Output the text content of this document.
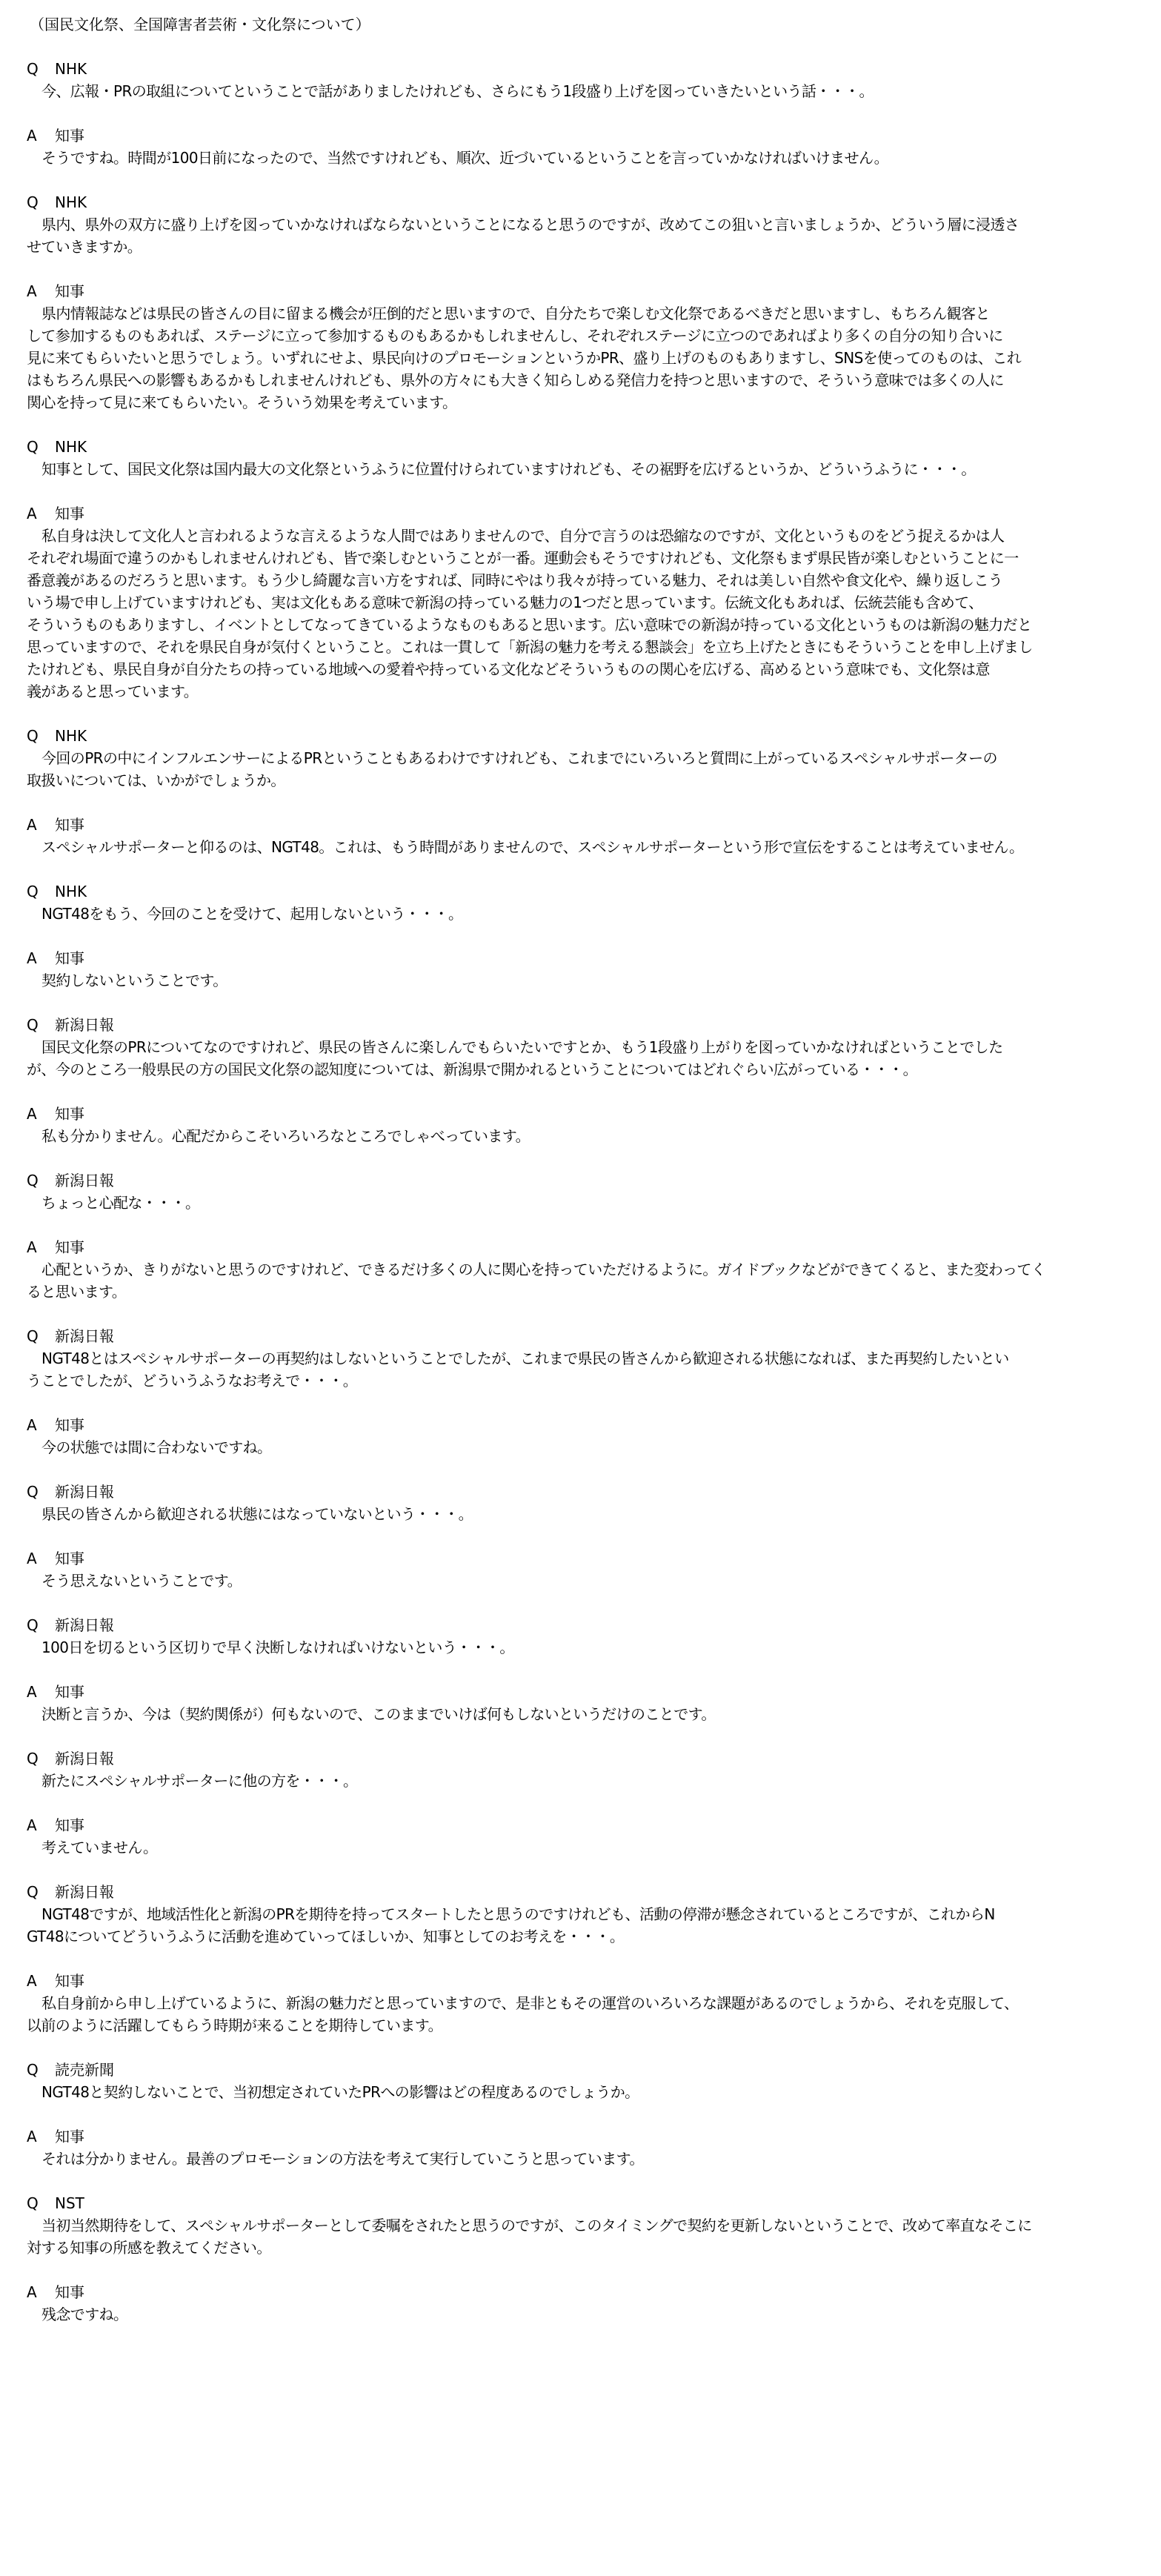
（国民文化祭、全国障害者芸術・文化祭について）
Q NHK
今、広報・PRの取組についてということで話がありましたけれども、さらにもう1段盛り上げを図っていきたいという話・・・。
A 知事
そうですね。時間が100日前になったので、当然ですけれども、順次、近づいているということを言っていかなければいけません。
Q NHK
県内、県外の双方に盛り上げを図っていかなければならないということになると思うのですが、改めてこの狙いと言いましょうか、どういう層に浸透さ
せていきますか。
A 知事
県内情報誌などは県民の皆さんの目に留まる機会が圧倒的だと思いますので、自分たちで楽しむ文化祭であるべきだと思いますし、もちろん観客と
して参加するものもあれば、ステージに立って参加するものもあるかもしれませんし、それぞれステージに立つのであればより多くの自分の知り合いに
見に来てもらいたいと思うでしょう。いずれにせよ、県民向けのプロモーションというかPR、盛り上げのものもありますし、SNSを使ってのものは、これ
はもちろん県民への影響もあるかもしれませんけれども、県外の方々にも大きく知らしめる発信力を持つと思いますので、そういう意味では多くの人に
関心を持って見に来てもらいたい。そういう効果を考えています。
Q NHK
知事として、国民文化祭は国内最大の文化祭というふうに位置付けられていますけれども、その裾野を広げるというか、どういうふうに・・・。
A 知事
私自身は決して文化人と言われるような言えるような人間ではありませんので、自分で言うのは恐縮なのですが、文化というものをどう捉えるかは人
それぞれ場面で違うのかもしれませんけれども、皆で楽しむということが一番。運動会もそうですけれども、文化祭もまず県民皆が楽しむということに一
番意義があるのだろうと思います。もう少し綺麗な言い方をすれば、同時にやはり我々が持っている魅力、それは美しい自然や食文化や、繰り返しこう
いう場で申し上げていますけれども、実は文化もある意味で新潟の持っている魅力の1つだと思っています。伝統文化もあれば、伝統芸能も含めて、
そういうものもありますし、イベントとしてなってきているようなものもあると思います。広い意味での新潟が持っている文化というものは新潟の魅力だと
思っていますので、それを県民自身が気付くということ。これは一貫して「新潟の魅力を考える懇談会」を立ち上げたときにもそういうことを申し上げまし
たけれども、県民自身が自分たちの持っている地域への愛着や持っている文化などそういうものの関心を広げる、高めるという意味でも、文化祭は意
義があると思っています。
Q NHK
今回のPRの中にインフルエンサーによるPRということもあるわけですけれども、これまでにいろいろと質問に上がっているスペシャルサポーターの
取扱いについては、いかがでしょうか。
A 知事
スペシャルサポーターと仰るのは、NGT48。これは、もう時間がありませんので、スペシャルサポーターという形で宣伝をすることは考えていません。
Q NHK
NGT48をもう、今回のことを受けて、起用しないという・・・。
A 知事
契約しないということです。
Q 新潟日報
国民文化祭のPRについてなのですけれど、県民の皆さんに楽しんでもらいたいですとか、もう1段盛り上がりを図っていかなければということでした
が、今のところ一般県民の方の国民文化祭の認知度については、新潟県で開かれるということについてはどれぐらい広がっている・・・。
A 知事
私も分かりません。心配だからこそいろいろなところでしゃべっています。
Q 新潟日報
ちょっと心配な・・・。
A 知事
心配というか、きりがないと思うのですけれど、できるだけ多くの人に関心を持っていただけるように。ガイドブックなどができてくると、また変わってく
ると思います。
Q 新潟日報
NGT48とはスペシャルサポーターの再契約はしないということでしたが、これまで県民の皆さんから歓迎される状態になれば、また再契約したいとい
うことでしたが、どういうふうなお考えで・・・。
A 知事
今の状態では間に合わないですね。
Q 新潟日報
県民の皆さんから歓迎される状態にはなっていないという・・・。
A 知事
そう思えないということです。
Q 新潟日報
100日を切るという区切りで早く決断しなければいけないという・・・。
A 知事
決断と言うか、今は（契約関係が）何もないので、このままでいけば何もしないというだけのことです。
Q 新潟日報
新たにスペシャルサポーターに他の方を・・・。
A 知事
考えていません。
Q 新潟日報
NGT48ですが、地域活性化と新潟のPRを期待を持ってスタートしたと思うのですけれども、活動の停滞が懸念されているところですが、これからN
GT48についてどういうふうに活動を進めていってほしいか、知事としてのお考えを・・・。
A 知事
私自身前から申し上げているように、新潟の魅力だと思っていますので、是非ともその運営のいろいろな課題があるのでしょうから、それを克服して、
以前のように活躍してもらう時期が来ることを期待しています。
Q 読売新聞
NGT48と契約しないことで、当初想定されていたPRへの影響はどの程度あるのでしょうか。
A 知事
それは分かりません。最善のプロモーションの方法を考えて実行していこうと思っています。
Q NST
当初当然期待をして、スペシャルサポーターとして委嘱をされたと思うのですが、このタイミングで契約を更新しないということで、改めて率直なそこに
対する知事の所感を教えてください。
A 知事
残念ですね。
